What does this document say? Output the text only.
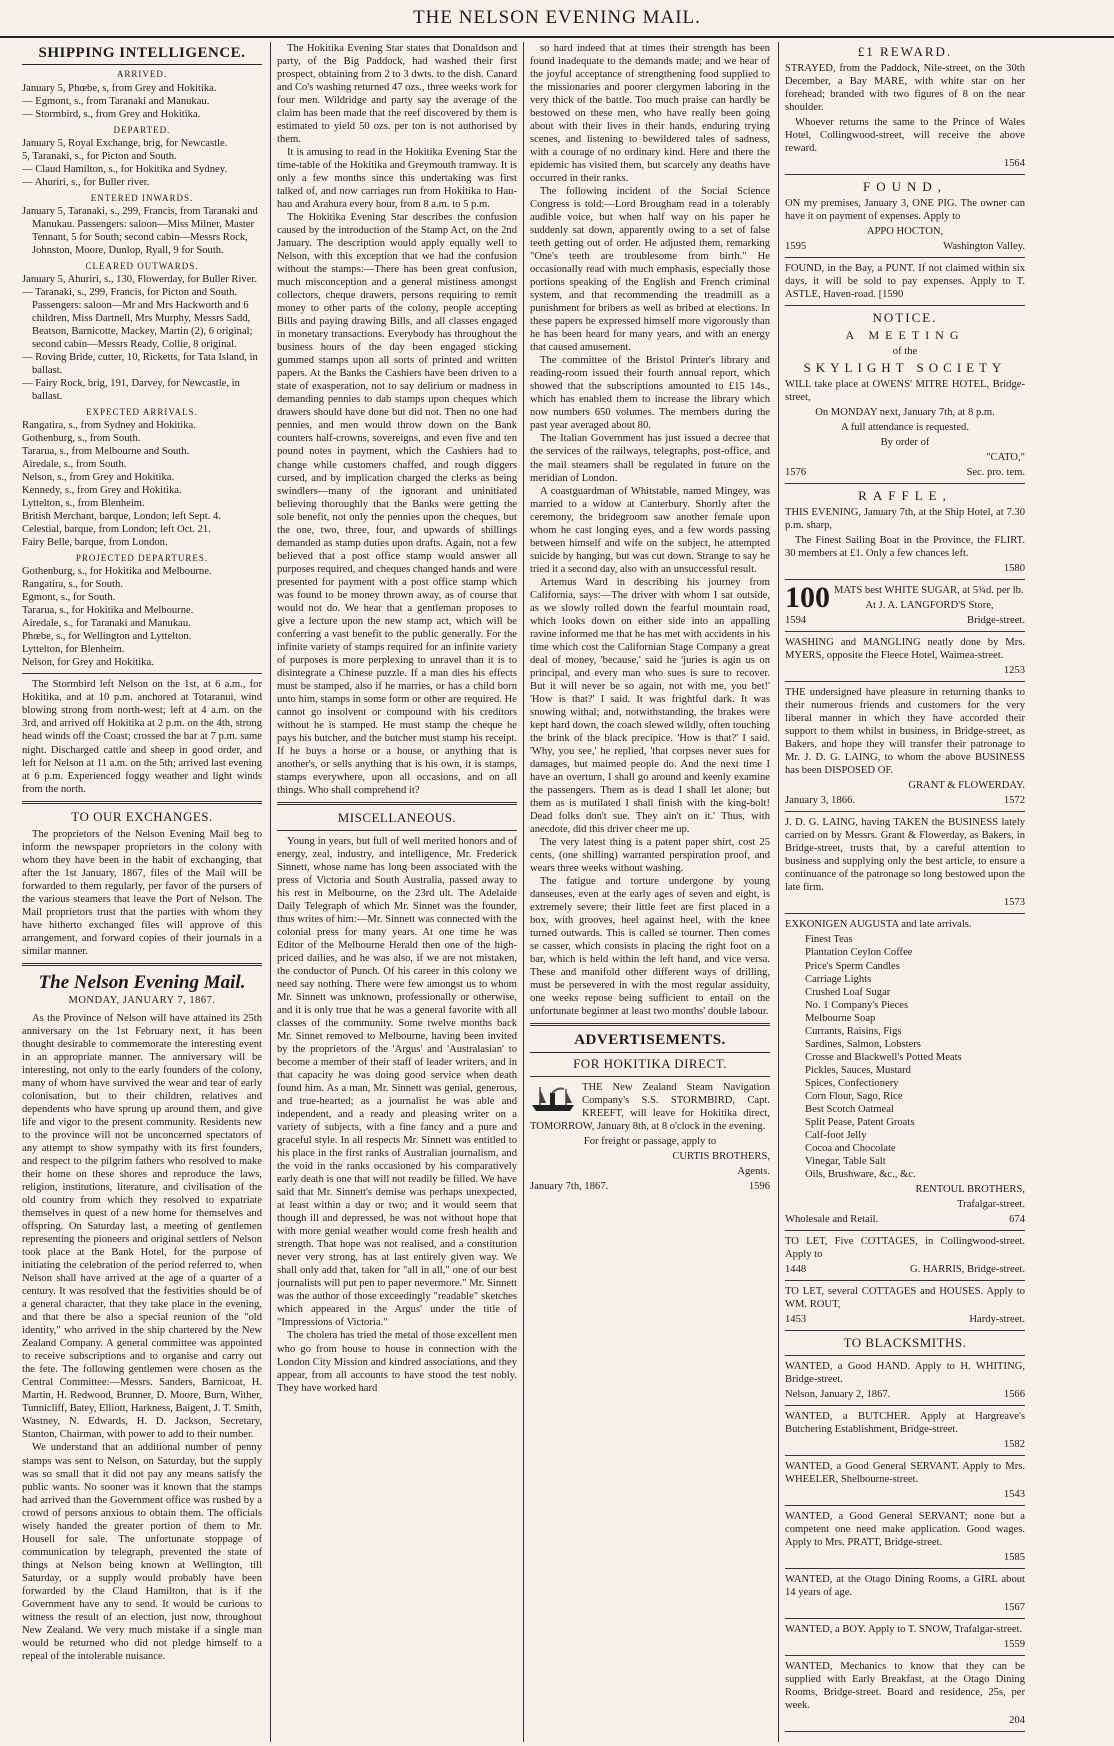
THE NELSON EVENING MAIL.
SHIPPING INTELLIGENCE.
ARRIVED.
January 5, Phœbe, s, from Grey and Hokitika.
— Egmont, s., from Taranaki and Manukau.
— Stormbird, s., from Grey and Hokitika.
DEPARTED.
January 5, Royal Exchange, brig, for Newcastle.
5, Taranaki, s., for Picton and South.
— Claud Hamilton, s., for Hokitika and Sydney.
— Ahuriri, s., for Buller river.
ENTERED INWARDS.
January 5, Taranaki, s., 299, Francis, from Taranaki and Manukau. Passengers: saloon—Miss Milner, Master Tennant, 5 for South; second cabin—Messrs Rock, Johnston, Moore, Dunlop, Ryall, 9 for South.
CLEARED OUTWARDS.
January 5, Ahuriri, s., 130, Flowerday, for Buller River.
— Taranaki, s., 299, Francis, for Picton and South. Passengers: saloon—Mr and Mrs Hackworth and 6 children, Miss Dartnell, Mrs Murphy, Messrs Sadd, Beatson, Barnicotte, Mackey, Martin (2), 6 original; second cabin—Messrs Ready, Collie, 8 original.
— Roving Bride, cutter, 10, Ricketts, for Tata Island, in ballast.
— Fairy Rock, brig, 191, Darvey, for Newcastle, in ballast.
EXPECTED ARRIVALS.
Rangatira, s., from Sydney and Hokitika.
Gothenburg, s., from South.
Tararua, s., from Melbourne and South.
Airedale, s., from South.
Nelson, s., from Grey and Hokitika.
Kennedy, s., from Grey and Hokitika.
Lyttelton, s., from Blenheim.
British Merchant, barque, London; left Sept. 4.
Celestial, barque, from London; left Oct. 21.
Fairy Belle, barque, from London.
PROJECTED DEPARTURES.
Gothenburg, s., for Hokitika and Melbourne.
Rangatira, s., for South.
Egmont, s., for South.
Tararua, s., for Hokitika and Melbourne.
Airedale, s., for Taranaki and Manukau.
Phœbe, s., for Wellington and Lyttelton.
Lyttelton, for Blenheim.
Nelson, for Grey and Hokitika.

The Stormbird left Nelson on the 1st, at 6 a.m., for Hokitika, and at 10 p.m. anchored at Totaranui, wind blowing strong from north-west; left at 4 a.m. on the 3rd, and arrived off Hokitika at 2 p.m. on the 4th, strong head winds off the Coast; crossed the bar at 7 p.m. same night. Discharged cattle and sheep in good order, and left for Nelson at 11 a.m. on the 5th; arrived last evening at 6 p.m. Experienced foggy weather and light winds from the north.

TO OUR EXCHANGES.

The proprietors of the Nelson Evening Mail beg to inform the newspaper proprietors in the colony with whom they have been in the habit of exchanging, that after the 1st January, 1867, files of the Mail will be forwarded to them regularly, per favor of the pursers of the various steamers that leave the Port of Nelson. The Mail proprietors trust that the parties with whom they have hitherto exchanged files will approve of this arrangement, and forward copies of their journals in a similar manner.

The Nelson Evening Mail.
MONDAY, JANUARY 7, 1867.

As the Province of Nelson will have attained its 25th anniversary on the 1st February next, it has been thought desirable to commemorate the interesting event in an appropriate manner. The anniversary will be interesting, not only to the early founders of the colony, many of whom have survived the wear and tear of early colonisation, but to their children, relatives and dependents who have sprung up around them, and give life and vigor to the present community. Residents new to the province will not be unconcerned spectators of any attempt to show sympathy with its first founders, and respect to the pilgrim fathers who resolved to make their home on these shores and reproduce the laws, religion, institutions, literature, and civilisation of the old country from which they resolved to expatriate themselves in quest of a new home for themselves and offspring. On Saturday last, a meeting of gentlemen representing the pioneers and original settlers of Nelson took place at the Bank Hotel, for the purpose of initiating the celebration of the period referred to, when Nelson shall have arrived at the age of a quarter of a century. It was resolved that the festivities should be of a general character, that they take place in the evening, and that there be also a special reunion of the "old identity," who arrived in the ship chartered by the New Zealand Company. A general committee was appointed to receive subscriptions and to organise and carry out the fete. The following gentlemen were chosen as the Central Committee:—Messrs. Sanders, Barnicoat, H. Martin, H. Redwood, Brunner, D. Moore, Burn, Wither, Tunnicliff, Batey, Elliott, Harkness, Baigent, J. T. Smith, Wastney, N. Edwards, H. D. Jackson, Secretary, Stanton, Chairman, with power to add to their number.

We understand that an additional number of penny stamps was sent to Nelson, on Saturday, but the supply was so small that it did not pay any means satisfy the public wants. No sooner was it known that the stamps had arrived than the Government office was rushed by a crowd of persons anxious to obtain them. The officials wisely handed the greater portion of them to Mr. Housell for sale. The unfortunate stoppage of communication by telegraph, prevented the state of things at Nelson being known at Wellington, till Saturday, or a supply would probably have been forwarded by the Claud Hamilton, that is if the Government have any to send. It would be curious to witness the result of an election, just now, throughout New Zealand. We very much mistake if a single man would be returned who did not pledge himself to a repeal of the intolerable nuisance.

The Hokitika Evening Star states that Donaldson and party, of the Big Paddock, had washed their first prospect, obtaining from 2 to 3 dwts. to the dish. Canard and Co's washing returned 47 ozs., three weeks work for four men. Wildridge and party say the average of the claim has been made that the reef discovered by them is estimated to yield 50 ozs. per ton is not authorised by them.

It is amusing to read in the Hokitika Evening Star the time-table of the Hokitika and Greymouth tramway. It is only a few months since this undertaking was first talked of, and now carriages run from Hokitika to Hau-hau and Arahura every hour, from 8 a.m. to 5 p.m.

The Hokitika Evening Star describes the confusion caused by the introduction of the Stamp Act, on the 2nd January. The description would apply equally well to Nelson, with this exception that we had the confusion without the stamps:—There has been great confusion, much misconception and a general mistiness amongst collectors, cheque drawers, persons requiring to remit money to other parts of the colony, people accepting Bills and paying drawing Bills, and all classes engaged in monetary transactions. Everybody has throughout the business hours of the day been engaged sticking gummed stamps upon all sorts of printed and written papers. At the Banks the Cashiers have been driven to a state of exasperation, not to say delirium or madness in demanding pennies to dab stamps upon cheques which drawers should have done but did not. Then no one had pennies, and men would throw down on the Bank counters half-crowns, sovereigns, and even five and ten pound notes in payment, which the Cashiers had to change while customers chaffed, and rough diggers cursed, and by implication charged the clerks as being swindlers—many of the ignorant and uninitiated believing thoroughly that the Banks were getting the sole benefit, not only the pennies upon the cheques, but the one, two, three, four, and upwards of shillings demanded as stamp duties upon drafts. Again, not a few believed that a post office stamp would answer all purposes required, and cheques changed hands and were presented for payment with a post office stamp which was found to be money thrown away, as of course that would not do. We hear that a gentleman proposes to give a lecture upon the new stamp act, which will be conferring a vast benefit to the public generally. For the infinite variety of stamps required for an infinite variety of purposes is more perplexing to unravel than it is to disintegrate a Chinese puzzle. If a man dies his effects must be stamped, also if he marries, or has a child born unto him, stamps in some form or other are required. He cannot go insolvent or compound with his creditors without he is stamped. He must stamp the cheque he pays his butcher, and the butcher must stamp his receipt. If he buys a horse or a house, or anything that is another's, or sells anything that is his own, it is stamps, stamps everywhere, upon all occasions, and on all things. Who shall comprehend it?

MISCELLANEOUS.

Young in years, but full of well merited honors and of energy, zeal, industry, and intelligence, Mr. Frederick Sinnett, whose name has long been associated with the press of Victoria and South Australia, passed away to his rest in Melbourne, on the 23rd ult. The Adelaide Daily Telegraph of which Mr. Sinnet was the founder, thus writes of him:—Mr. Sinnett was connected with the colonial press for many years. At one time he was Editor of the Melbourne Herald then one of the high-priced dailies, and he was also, if we are not mistaken, the conductor of Punch. Of his career in this colony we need say nothing. There were few amongst us to whom Mr. Sinnett was unknown, professionally or otherwise, and it is only true that he was a general favorite with all classes of the community. Some twelve months back Mr. Sinnet removed to Melbourne, having been invited by the proprietors of the 'Argus' and 'Australasian' to become a member of their staff of leader writers, and in that capacity he was doing good service when death found him. As a man, Mr. Sinnett was genial, generous, and true-hearted; as a journalist he was able and independent, and a ready and pleasing writer on a variety of subjects, with a fine fancy and a pure and graceful style. In all respects Mr. Sinnett was entitled to his place in the first ranks of Australian journalism, and the void in the ranks occasioned by his comparatively early death is one that will not readily be filled. We have said that Mr. Sinnett's demise was perhaps unexpected, at least within a day or two; and it would seem that though ill and depressed, he was not without hope that with more genial weather would come fresh health and strength. That hope was not realised, and a constitution never very strong, has at last entirely given way. We shall only add that, taken for "all in all," one of our best journalists will put pen to paper nevermore." Mr. Sinnett was the author of those exceedingly "readable" sketches which appeared in the Argus' under the title of "Impressions of Victoria."

The cholera has tried the metal of those excellent men who go from house to house in connection with the London City Mission and kindred associations, and they appear, from all accounts to have stood the test nobly. They have worked hard

so hard indeed that at times their strength has been found inadequate to the demands made; and we hear of the joyful acceptance of strengthening food supplied to the missionaries and poorer clergymen laboring in the very thick of the battle. Too much praise can hardly be bestowed on these men, who have really been going about with their lives in their hands, enduring trying scenes, and listening to bewildered tales of sadness, with a courage of no ordinary kind. Here and there the epidemic has visited them, but scarcely any deaths have occurred in their ranks.

The following incident of the Social Science Congress is told:—Lord Brougham read in a tolerably audible voice, but when half way on his paper he suddenly sat down, apparently owing to a set of false teeth getting out of order. He adjusted them, remarking "One's teeth are troublesome from birth." He occasionally read with much emphasis, especially those portions speaking of the English and French criminal system, and that recommending the treadmill as a punishment for bribers as well as bribed at elections. In these papers he expressed himself more vigorously than he has been heard for many years, and with an energy that caused amusement.

The committee of the Bristol Printer's library and reading-room issued their fourth annual report, which showed that the subscriptions amounted to £15 14s., which has enabled them to increase the library which now numbers 650 volumes. The members during the past year averaged about 80.

The Italian Government has just issued a decree that the services of the railways, telegraphs, post-office, and the mail steamers shall be regulated in future on the meridian of London.

A coastguardman of Whitstable, named Mingey, was married to a widow at Canterbury. Shortly after the ceremony, the bridegroom saw another female upon whom he cast longing eyes, and a few words passing between himself and wife on the subject, he attempted suicide by hanging, but was cut down. Strange to say he tried it a second day, also with an unsuccessful result.

Artemus Ward in describing his journey from California, says:—The driver with whom I sat outside, as we slowly rolled down the fearful mountain road, which looks down on either side into an appalling ravine informed me that he has met with accidents in his time which cost the Californian Stage Company a great deal of money, 'because,' said he 'juries is agin us on principal, and every man who sues is sure to recover. But it will never be so again, not with me, you bet!' 'How is that?' I said. It was frightful dark. It was snowing withal; and, notwithstanding, the brakes were kept hard down, the coach slewed wildly, often touching the brink of the black precipice. 'How is that?' I said. 'Why, you see,' he replied, 'that corpses never sues for damages, but maimed people do. And the next time I have an overturn, I shall go around and keenly examine the passengers. Them as is dead I shall let alone; but them as is mutilated I shall finish with the king-bolt! Dead folks don't sue. They ain't on it.' Thus, with anecdote, did this driver cheer me up.

The very latest thing is a patent paper shirt, cost 25 cents, (one shilling) warranted perspiration proof, and wears three weeks without washing.

The fatigue and torture undergone by young danseuses, even at the early ages of seven and eight, is extremely severe; their little feet are first placed in a box, with grooves, heel against heel, with the knee turned outwards. This is called se tourner. Then comes se casser, which consists in placing the right foot on a bar, which is held within the left hand, and vice versa. These and manifold other different ways of drilling, must be persevered in with the most regular assiduity, one weeks repose being sufficient to entail on the unfortunate beginner at least two months' double labour.

ADVERTISEMENTS.
FOR HOKITIKA DIRECT.

THE New Zealand Steam Navigation Company's S.S. STORMBIRD, Capt. KREEFT, will leave for Hokitika direct, TOMORROW, January 8th, at 8 o'clock in the evening.

For freight or passage, apply to

CURTIS BROTHERS,

Agents.

January 7th, 1867.	1596
£1 REWARD.

STRAYED, from the Paddock, Nile-street, on the 30th December, a Bay MARE, with white star on her forehead; branded with two figures of 8 on the near shoulder.

Whoever returns the same to the Prince of Wales Hotel, Collingwood-street, will receive the above reward.

1564

FOUND,

ON my premises, January 3, ONE PIG. The owner can have it on payment of expenses. Apply to

APPO HOCTON,

1595	Washington Valley.

FOUND, in the Bay, a PUNT. If not claimed within six days, it will be sold to pay expenses. Apply to T. ASTLE, Haven-road. [1590

NOTICE.
A MEETING
of the
SKYLIGHT SOCIETY

WILL take place at OWENS' MITRE HOTEL, Bridge-street,

On MONDAY next, January 7th, at 8 p.m.

A full attendance is requested.

By order of

"CATO,"

1576	Sec. pro. tem.
RAFFLE,

THIS EVENING, January 7th, at the Ship Hotel, at 7.30 p.m. sharp,

The Finest Sailing Boat in the Province, the FLIRT. 30 members at £1. Only a few chances left.

1580

100 MATS best WHITE SUGAR, at 5¾d. per lb.

At J. A. LANGFORD'S Store,

1594	Bridge-street.

WASHING and MANGLING neatly done by Mrs. MYERS, opposite the Fleece Hotel, Waimea-street.

1253

THE undersigned have pleasure in returning thanks to their numerous friends and customers for the very liberal manner in which they have accorded their support to them whilst in business, in Bridge-street, as Bakers, and hope they will transfer their patronage to Mr. J. D. G. LAING, to whom the above BUSINESS has been DISPOSED OF.

GRANT & FLOWERDAY.

January 3, 1866.	1572

J. D. G. LAING, having TAKEN the BUSINESS lately carried on by Messrs. Grant & Flowerday, as Bakers, in Bridge-street, trusts that, by a careful attention to business and supplying only the best article, to ensure a continuance of the patronage so long bestowed upon the late firm.

1573

EXKONIGEN AUGUSTA and late arrivals.

Finest Teas
Plantation Ceylon Coffee
Price's Sperm Candles
Carriage Lights
Crushed Loaf Sugar
No. 1 Company's Pieces
Melbourne Soap
Currants, Raisins, Figs
Sardines, Salmon, Lobsters
Crosse and Blackwell's Potted Meats
Pickles, Sauces, Mustard
Spices, Confectionery
Corn Flour, Sago, Rice
Best Scotch Oatmeal
Split Pease, Patent Groats
Calf-foot Jelly
Cocoa and Chocolate
Vinegar, Table Salt
Oils, Brushware, &c., &c.

RENTOUL BROTHERS,

Trafalgar-street.

Wholesale and Retail.	674

TO LET, Five COTTAGES, in Collingwood-street. Apply to

1448	G. HARRIS, Bridge-street.

TO LET, several COTTAGES and HOUSES. Apply to WM. ROUT,

1453	Hardy-street.
TO BLACKSMITHS.

WANTED, a Good HAND. Apply to H. WHITING, Bridge-street.

Nelson, January 2, 1867.	1566

WANTED, a BUTCHER. Apply at Hargreave's Butchering Establishment, Bridge-street.

1582

WANTED, a Good General SERVANT. Apply to Mrs. WHEELER, Shelbourne-street.

1543

WANTED, a Good General SERVANT; none but a competent one need make application. Good wages. Apply to Mrs. PRATT, Bridge-street.

1585

WANTED, at the Otago Dining Rooms, a GIRL about 14 years of age.

1567

WANTED, a BOY. Apply to T. SNOW, Trafalgar-street.

1559

WANTED, Mechanics to know that they can be supplied with Early Breakfast, at the Otago Dining Rooms, Bridge-street. Board and residence, 25s, per week.

204
